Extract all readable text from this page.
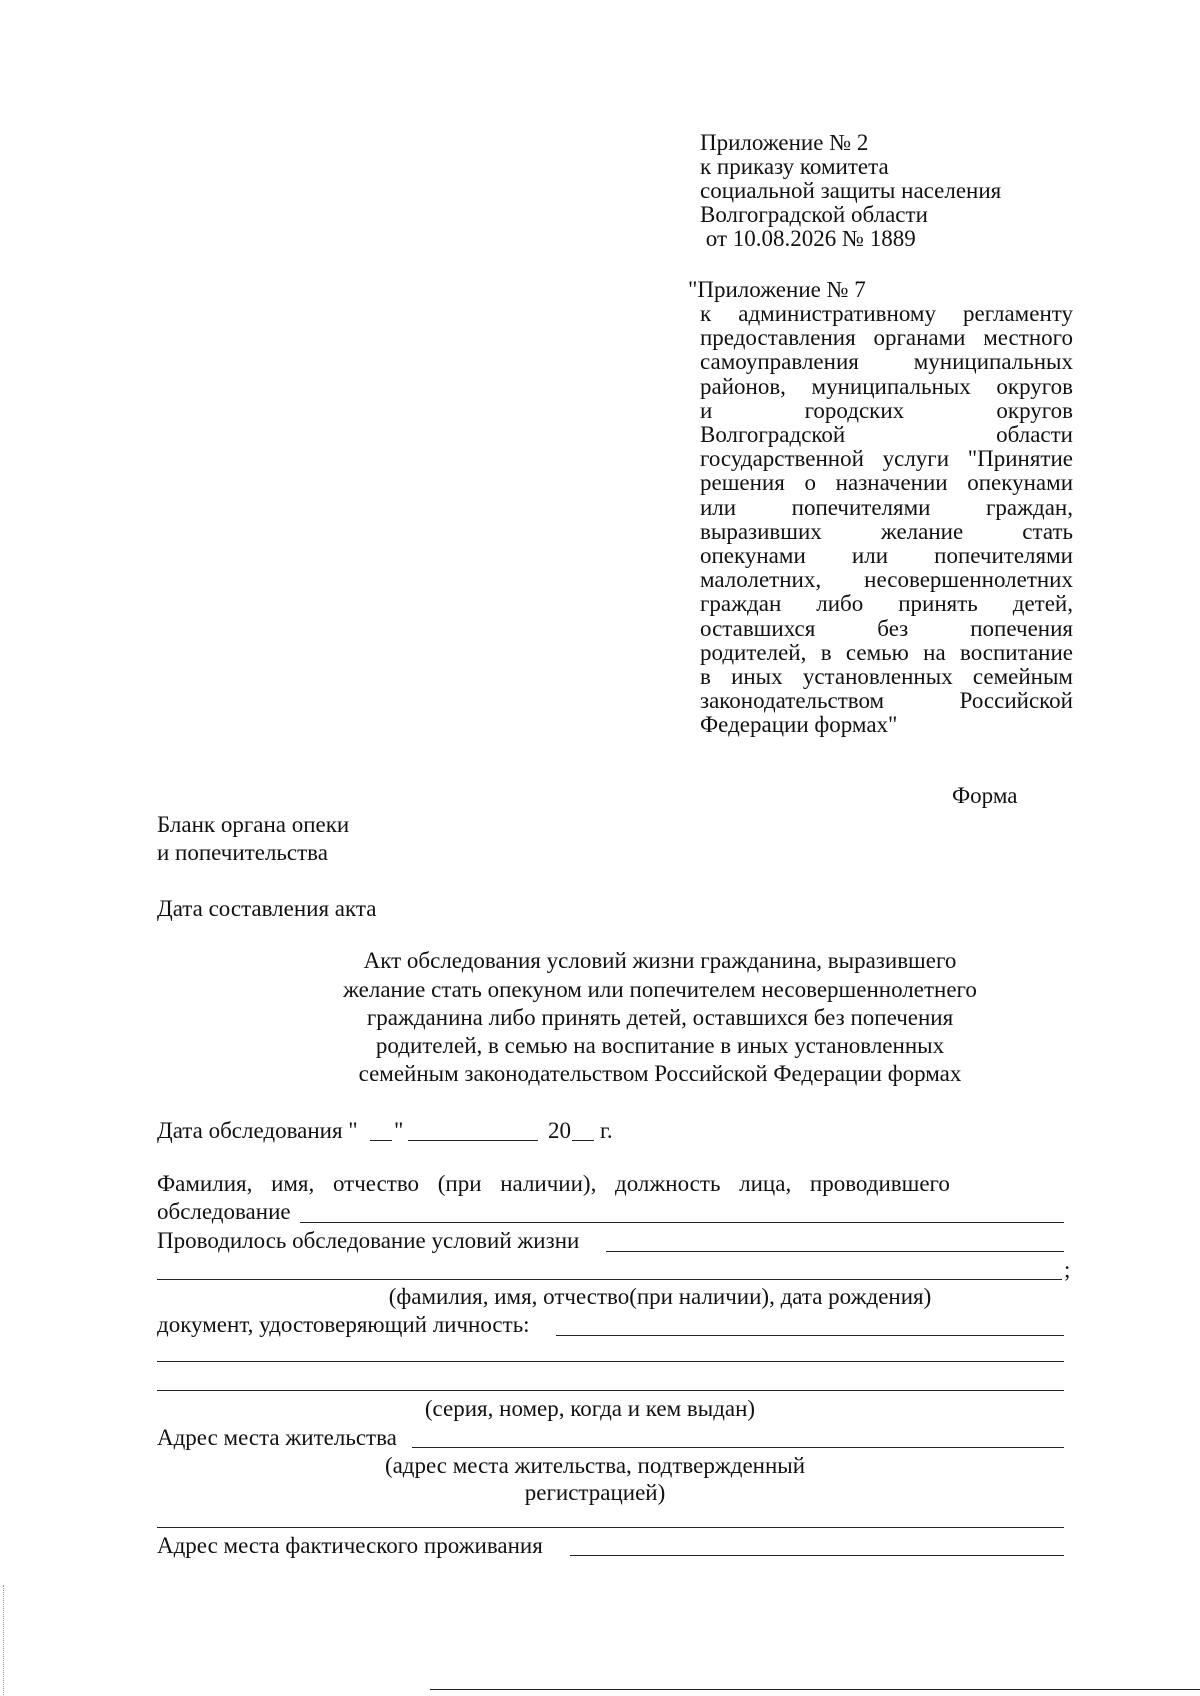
Приложение № 2
к приказу комитета
социальной защиты населения
Волгоградской области
от 10.08.2026 № 1889
"Приложение № 7
к административному регламенту
предоставления органами местного
самоуправления муниципальных
районов, муниципальных округов
и	городских	округов
Волгоградской	области
государственной услуги "Принятие
решения о назначении опекунами
или попечителями граждан,
выразивших	желание	стать
опекунами или попечителями
малолетних, несовершеннолетних
граждан либо принять детей,
оставшихся	без	попечения
родителей, в семью на воспитание
в иных установленных семейным
законодательством	Российской
Федерации формах"
Форма
Бланк органа опеки
и попечительства
Дата составления акта
Акт обследования условий жизни гражданина, выразившего
желание стать опекуном или попечителем несовершеннолетнего
гражданина либо принять детей, оставшихся без попечения
родителей, в семью на воспитание в иных установленных
семейным законодательством Российской Федерации формах
Дата обследования " "	20 г.
Фамилия, имя, отчество (при наличии), должность лица, проводившего
обследование
Проводилось обследование условий жизни
;
(фамилия, имя, отчество(при наличии), дата рождения)
документ, удостоверяющий личность:
(серия, номер, когда и кем выдан)
Адрес места жительства
(адрес места жительства, подтвержденный
регистрацией)
Адрес места фактического проживания
